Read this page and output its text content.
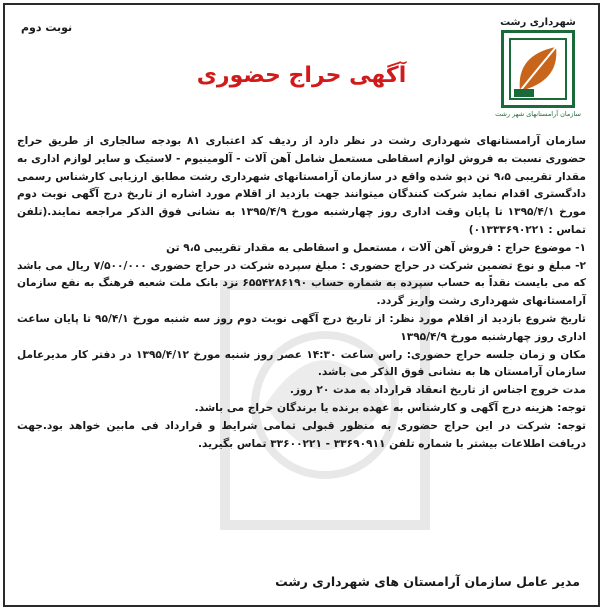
نوبت دوم	شهرداری رشت
سازمان آرامستانهای شهر رشت
آگهی حراج حضوری

سازمان آرامستانهای شهرداری رشت در نظر دارد از ردیف کد اعتباری ۸۱ بودجه سالجاری از طریق حراج حضوری نسبت به فروش لوازم اسقاطی مستعمل شامل آهن آلات - آلومینیوم - لاستیک و سایر لوازم اداری به مقدار تقریبی ۹،۵ تن دپو شده واقع در سازمان آرامستانهای شهرداری رشت مطابق ارزیابی کارشناس رسمی دادگستری اقدام نماید شرکت کنندگان میتوانند جهت بازدید از اقلام مورد اشاره از تاریخ درج آگهی نوبت دوم مورخ ۱۳۹۵/۴/۱ تا پایان وقت اداری روز چهارشنبه مورخ ۱۳۹۵/۴/۹ به نشانی فوق الذکر مراجعه نمایند.(تلفن تماس : ۰۱۳۳۳۶۹۰۲۲۱)

۱- موضوع حراج : فروش آهن آلات ، مستعمل و اسقاطی به مقدار تقریبی ۹،۵ تن

۲- مبلغ و نوع تضمین شرکت در حراج حضوری : مبلغ سپرده شرکت در حراج حضوری ۷/۵۰۰/۰۰۰ ریال می باشد که می بایست نقداً به حساب سپرده به شماره حساب ۶۵۵۴۲۸۶۱۹۰ نزد بانک ملت شعبه فرهنگ به نفع سازمان آرامستانهای شهرداری رشت واریز گردد.

تاریخ شروع بازدید از اقلام مورد نظر: از تاریخ درج آگهی نوبت دوم روز سه شنبه مورخ ۹۵/۴/۱ تا پایان ساعت اداری روز چهارشنبه مورخ ۱۳۹۵/۴/۹

مکان و زمان جلسه حراج حضوری: راس ساعت ۱۴:۳۰ عصر روز شنبه مورخ ۱۳۹۵/۴/۱۲ در دفتر کار مدیرعامل سازمان آرامستان ها به نشانی فوق الذکر می باشد.

مدت خروج اجناس از تاریخ انعقاد قرارداد به مدت ۲۰ روز.

توجه: هزینه درج آگهی و کارشناس به عهده برنده یا برندگان حراج می باشد.

توجه: شرکت در این حراج حضوری به منظور قبولی تمامی شرایط و قرارداد فی مابین خواهد بود.جهت دریافت اطلاعات بیشتر با شماره تلفن ۳۳۶۹۰۹۱۱ - ۳۳۶۰۰۲۲۱ تماس بگیرید.

مدیر عامل سازمان آرامستان های شهرداری رشت
